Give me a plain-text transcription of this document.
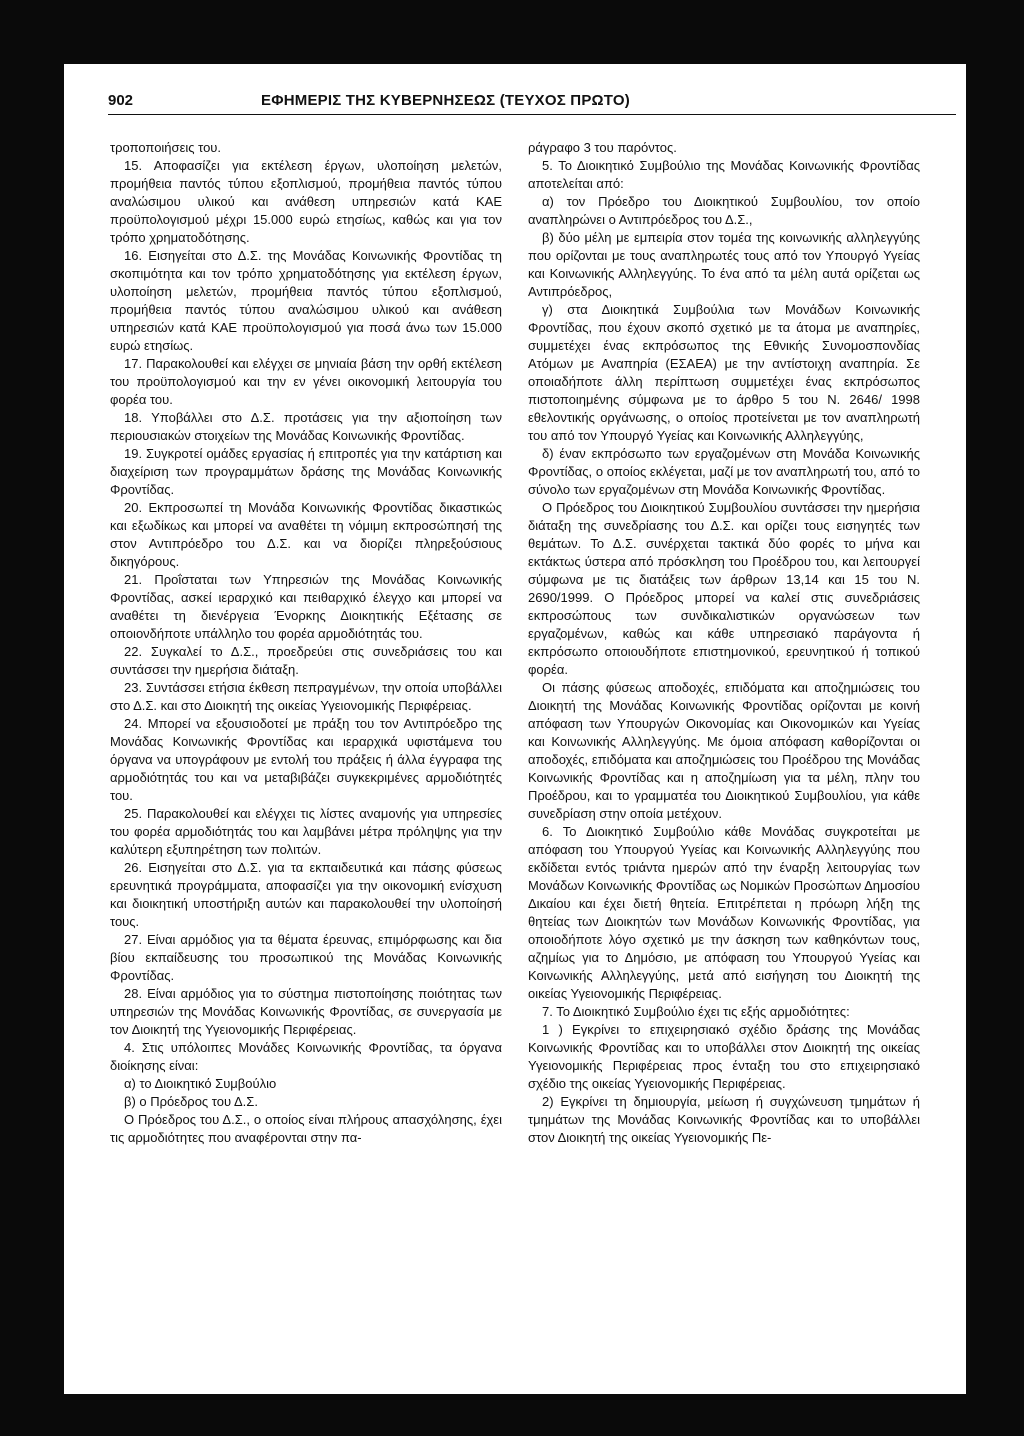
902	ΕΦΗΜΕΡΙΣ ΤΗΣ ΚΥΒΕΡΝΗΣΕΩΣ (ΤΕΥΧΟΣ ΠΡΩΤΟ)

τροποποιήσεις του.

15. Αποφασίζει για εκτέλεση έργων, υλοποίηση μελετών, προμήθεια παντός τύπου εξοπλισμού, προμήθεια παντός τύπου αναλώσιμου υλικού και ανάθεση υπηρεσιών κατά ΚΑΕ προϋπολογισμού μέχρι 15.000 ευρώ ετησίως, καθώς και για τον τρόπο χρηματοδότησης.

16. Εισηγείται στο Δ.Σ. της Μονάδας Κοινωνικής Φροντίδας τη σκοπιμότητα και τον τρόπο χρηματοδότησης για εκτέλεση έργων, υλοποίηση μελετών, προμήθεια παντός τύπου εξοπλισμού, προμήθεια παντός τύπου αναλώσιμου υλικού και ανάθεση υπηρεσιών κατά ΚΑΕ προϋπολογισμού για ποσά άνω των 15.000 ευρώ ετησίως.

17. Παρακολουθεί και ελέγχει σε μηνιαία βάση την ορθή εκτέλεση του προϋπολογισμού και την εν γένει οικονομική λειτουργία του φορέα του.

18. Υποβάλλει στο Δ.Σ. προτάσεις για την αξιοποίηση των περιουσιακών στοιχείων της Μονάδας Κοινωνικής Φροντίδας.

19. Συγκροτεί ομάδες εργασίας ή επιτροπές για την κατάρτιση και διαχείριση των προγραμμάτων δράσης της Μονάδας Κοινωνικής Φροντίδας.

20. Εκπροσωπεί τη Μονάδα Κοινωνικής Φροντίδας δικαστικώς και εξωδίκως και μπορεί να αναθέτει τη νόμιμη εκπροσώπησή της στον Αντιπρόεδρο του Δ.Σ. και να διορίζει πληρεξούσιους δικηγόρους.

21. Προΐσταται των Υπηρεσιών της Μονάδας Κοινωνικής Φροντίδας, ασκεί ιεραρχικό και πειθαρχικό έλεγχο και μπορεί να αναθέτει τη διενέργεια Ένορκης Διοικητικής Εξέτασης σε οποιονδήποτε υπάλληλο του φορέα αρμοδιότητάς του.

22. Συγκαλεί το Δ.Σ., προεδρεύει στις συνεδριάσεις του και συντάσσει την ημερήσια διάταξη.

23. Συντάσσει ετήσια έκθεση πεπραγμένων, την οποία υποβάλλει στο Δ.Σ. και στο Διοικητή της οικείας Υγειονομικής Περιφέρειας.

24. Μπορεί να εξουσιοδοτεί με πράξη του τον Αντιπρόεδρο της Μονάδας Κοινωνικής Φροντίδας και ιεραρχικά υφιστάμενα του όργανα να υπογράφουν με εντολή του πράξεις ή άλλα έγγραφα της αρμοδιότητάς του και να μεταβιβάζει συγκεκριμένες αρμοδιότητές του.

25. Παρακολουθεί και ελέγχει τις λίστες αναμονής για υπηρεσίες του φορέα αρμοδιότητάς του και λαμβάνει μέτρα πρόληψης για την καλύτερη εξυπηρέτηση των πολιτών.

26. Εισηγείται στο Δ.Σ. για τα εκπαιδευτικά και πάσης φύσεως ερευνητικά προγράμματα, αποφασίζει για την οικονομική ενίσχυση και διοικητική υποστήριξη αυτών και παρακολουθεί την υλοποίησή τους.

27. Είναι αρμόδιος για τα θέματα έρευνας, επιμόρφωσης και δια βίου εκπαίδευσης του προσωπικού της Μονάδας Κοινωνικής Φροντίδας.

28. Είναι αρμόδιος για το σύστημα πιστοποίησης ποιότητας των υπηρεσιών της Μονάδας Κοινωνικής Φροντίδας, σε συνεργασία με τον Διοικητή της Υγειονομικής Περιφέρειας.

4. Στις υπόλοιπες Μονάδες Κοινωνικής Φροντίδας, τα όργανα διοίκησης είναι:

α) το Διοικητικό Συμβούλιο

β) ο Πρόεδρος του Δ.Σ.

Ο Πρόεδρος του Δ.Σ., ο οποίος είναι πλήρους απασχόλησης, έχει τις αρμοδιότητες που αναφέρονται στην πα-

ράγραφο 3 του παρόντος.

5. Το Διοικητικό Συμβούλιο της Μονάδας Κοινωνικής Φροντίδας αποτελείται από:

α) τον Πρόεδρο του Διοικητικού Συμβουλίου, τον οποίο αναπληρώνει ο Αντιπρόεδρος του Δ.Σ.,

β) δύο μέλη με εμπειρία στον τομέα της κοινωνικής αλληλεγγύης που ορίζονται με τους αναπληρωτές τους από τον Υπουργό Υγείας και Κοινωνικής Αλληλεγγύης. Το ένα από τα μέλη αυτά ορίζεται ως Αντιπρόεδρος,

γ) στα Διοικητικά Συμβούλια των Μονάδων Κοινωνικής Φροντίδας, που έχουν σκοπό σχετικό με τα άτομα με αναπηρίες, συμμετέχει ένας εκπρόσωπος της Εθνικής Συνομοσπονδίας Ατόμων με Αναπηρία (ΕΣΑΕΑ) με την αντίστοιχη αναπηρία. Σε οποιαδήποτε άλλη περίπτωση συμμετέχει ένας εκπρόσωπος πιστοποιημένης σύμφωνα με το άρθρο 5 του Ν. 2646/ 1998 εθελοντικής οργάνωσης, ο οποίος προτείνεται με τον αναπληρωτή του από τον Υπουργό Υγείας και Κοινωνικής Αλληλεγγύης,

δ) έναν εκπρόσωπο των εργαζομένων στη Μονάδα Κοινωνικής Φροντίδας, ο οποίος εκλέγεται, μαζί με τον αναπληρωτή του, από το σύνολο των εργαζομένων στη Μονάδα Κοινωνικής Φροντίδας.

Ο Πρόεδρος του Διοικητικού Συμβουλίου συντάσσει την ημερήσια διάταξη της συνεδρίασης του Δ.Σ. και ορίζει τους εισηγητές των θεμάτων. Το Δ.Σ. συνέρχεται τακτικά δύο φορές το μήνα και εκτάκτως ύστερα από πρόσκληση του Προέδρου του, και λειτουργεί σύμφωνα με τις διατάξεις των άρθρων 13,14 και 15 του Ν. 2690/1999. Ο Πρόεδρος μπορεί να καλεί στις συνεδριάσεις εκπροσώπους των συνδικαλιστικών οργανώσεων των εργαζομένων, καθώς και κάθε υπηρεσιακό παράγοντα ή εκπρόσωπο οποιουδήποτε επιστημονικού, ερευνητικού ή τοπικού φορέα.

Οι πάσης φύσεως αποδοχές, επιδόματα και αποζημιώσεις του Διοικητή της Μονάδας Κοινωνικής Φροντίδας ορίζονται με κοινή απόφαση των Υπουργών Οικονομίας και Οικονομικών και Υγείας και Κοινωνικής Αλληλεγγύης. Με όμοια απόφαση καθορίζονται οι αποδοχές, επιδόματα και αποζημιώσεις του Προέδρου της Μονάδας Κοινωνικής Φροντίδας και η αποζημίωση για τα μέλη, πλην του Προέδρου, και το γραμματέα του Διοικητικού Συμβουλίου, για κάθε συνεδρίαση στην οποία μετέχουν.

6. Το Διοικητικό Συμβούλιο κάθε Μονάδας συγκροτείται με απόφαση του Υπουργού Υγείας και Κοινωνικής Αλληλεγγύης που εκδίδεται εντός τριάντα ημερών από την έναρξη λειτουργίας των Μονάδων Κοινωνικής Φροντίδας ως Νομικών Προσώπων Δημοσίου Δικαίου και έχει διετή θητεία. Επιτρέπεται η πρόωρη λήξη της θητείας των Διοικητών των Μονάδων Κοινωνικής Φροντίδας, για οποιοδήποτε λόγο σχετικό με την άσκηση των καθηκόντων τους, αζημίως για το Δημόσιο, με απόφαση του Υπουργού Υγείας και Κοινωνικής Αλληλεγγύης, μετά από εισήγηση του Διοικητή της οικείας Υγειονομικής Περιφέρειας.

7. Το Διοικητικό Συμβούλιο έχει τις εξής αρμοδιότητες:

1 ) Εγκρίνει το επιχειρησιακό σχέδιο δράσης της Μονάδας Κοινωνικής Φροντίδας και το υποβάλλει στον Διοικητή της οικείας Υγειονομικής Περιφέρειας προς ένταξη του στο επιχειρησιακό σχέδιο της οικείας Υγειονομικής Περιφέρειας.

2) Εγκρίνει τη δημιουργία, μείωση ή συγχώνευση τμημάτων ή τμημάτων της Μονάδας Κοινωνικής Φροντίδας και το υποβάλλει στον Διοικητή της οικείας Υγειονομικής Πε-
